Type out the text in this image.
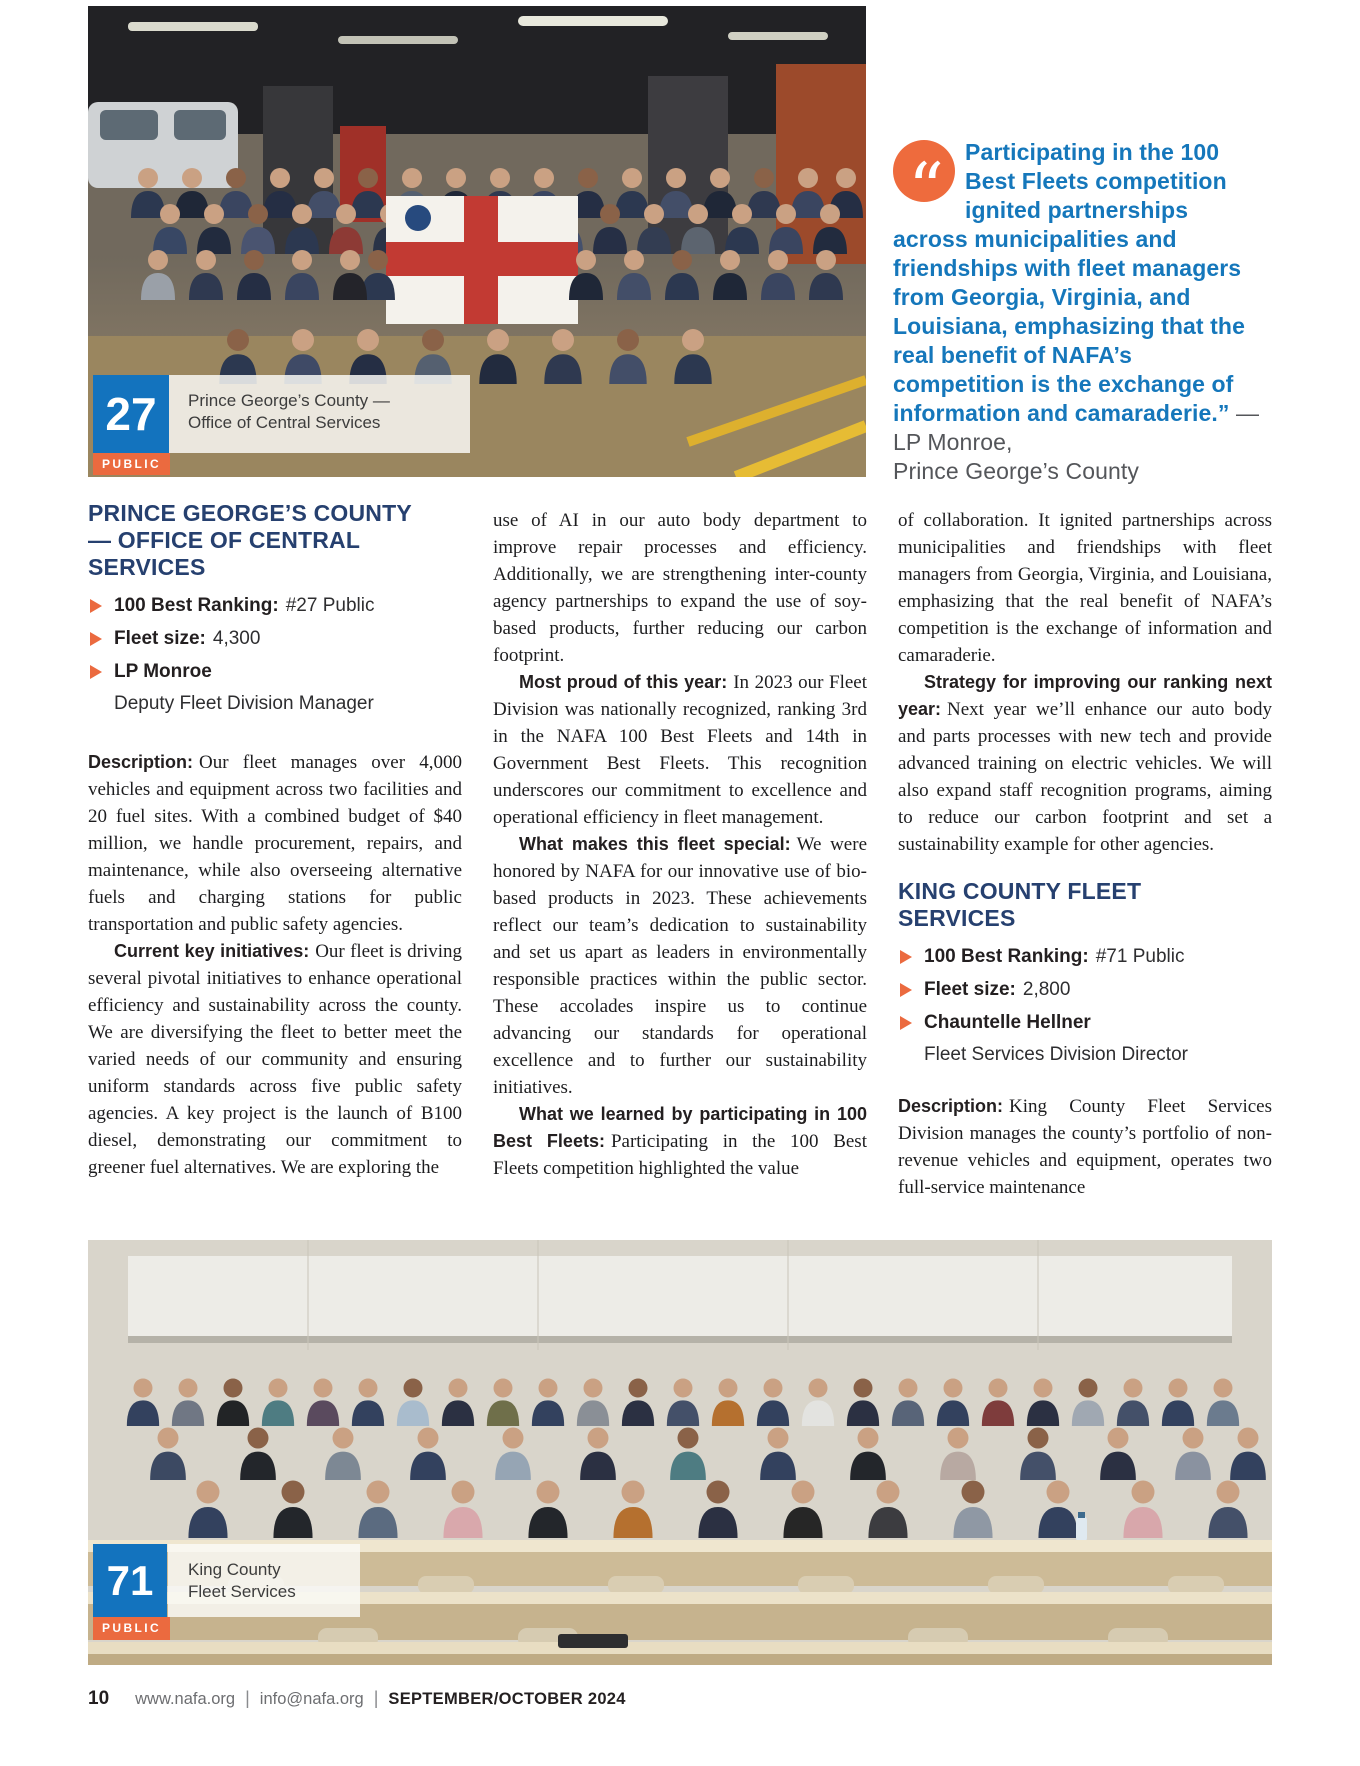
Prince George’s County —
Office of Central Services
27
PUBLIC
“	Participating in the 100 Best Fleets competition ignited partnerships across municipalities and friendships with fleet managers from Georgia, Virginia, and Louisiana, emphasizing that the real benefit of NAFA’s competition is the exchange of information and camaraderie.” — LP Monroe,
Prince George’s County

PRINCE GEORGE’S COUNTY — OFFICE OF CENTRAL SERVICES
100 Best Ranking: #27 Public
Fleet size: 4,300
LP Monroe
Deputy Fleet Division Manager

Description: Our fleet manages over 4,000 vehicles and equipment across two facilities and 20 fuel sites. With a combined budget of $40 million, we handle procurement, repairs, and maintenance, while also overseeing alternative fuels and charging stations for public transportation and public safety agencies.

Current key initiatives: Our fleet is driving several pivotal initiatives to enhance operational efficiency and sustainability across the county. We are diversifying the fleet to better meet the varied needs of our community and ensuring uniform standards across five public safety agencies. A key project is the launch of B100 diesel, demonstrating our commitment to greener fuel alternatives. We are exploring the

use of AI in our auto body department to improve repair processes and efficiency. Additionally, we are strengthening inter-county agency partnerships to expand the use of soy-based products, further reducing our carbon footprint.

Most proud of this year: In 2023 our Fleet Division was nationally recognized, ranking 3rd in the NAFA 100 Best Fleets and 14th in Government Best Fleets. This recognition underscores our commitment to excellence and operational efficiency in fleet management.

What makes this fleet special: We were honored by NAFA for our innovative use of bio-based products in 2023. These achievements reflect our team’s dedication to sustainability and set us apart as leaders in environmentally responsible practices within the public sector. These accolades inspire us to continue advancing our standards for operational excellence and to further our sustainability initiatives.

What we learned by participating in 100 Best Fleets: Participating in the 100 Best Fleets competition highlighted the value

of collaboration. It ignited partnerships across municipalities and friendships with fleet managers from Georgia, Virginia, and Louisiana, emphasizing that the real benefit of NAFA’s competition is the exchange of information and camaraderie.

Strategy for improving our ranking next year: Next year we’ll enhance our auto body and parts processes with new tech and provide advanced training on electric vehicles. We will also expand staff recognition programs, aiming to reduce our carbon footprint and set a sustainability example for other agencies.

KING COUNTY FLEET SERVICES
100 Best Ranking: #71 Public
Fleet size: 2,800
Chauntelle Hellner
Fleet Services Division Director

Description: King County Fleet Services Division manages the county’s portfolio of non-revenue vehicles and equipment, operates two full-service maintenance

King County
Fleet Services
71
PUBLIC
10 www.nafa.org | info@nafa.org | SEPTEMBER/OCTOBER 2024
